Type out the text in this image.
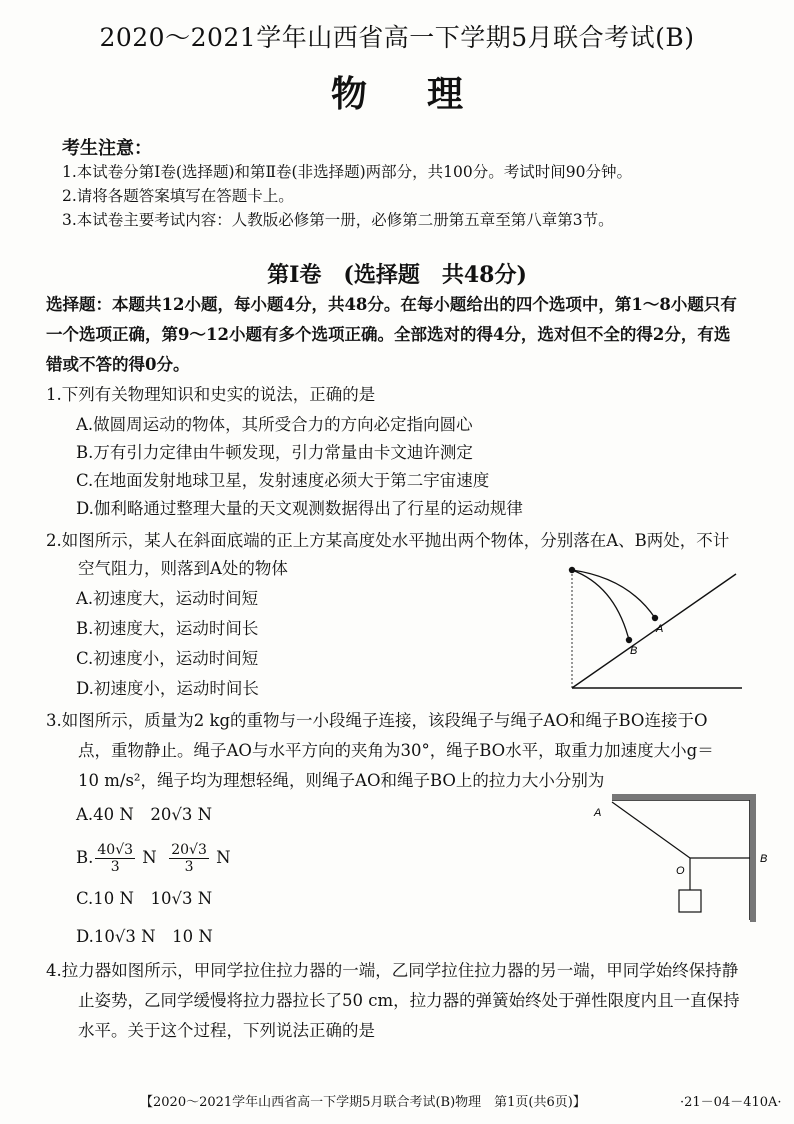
2020～2021学年山西省高一下学期5月联合考试(B)
物理
考生注意：
1.本试卷分第Ⅰ卷(选择题)和第Ⅱ卷(非选择题)两部分，共100分。考试时间90分钟。
2.请将各题答案填写在答题卡上。
3.本试卷主要考试内容：人教版必修第一册，必修第二册第五章至第八章第3节。
第Ⅰ卷　(选择题　共48分)
选择题：本题共12小题，每小题4分，共48分。在每小题给出的四个选项中，第1～8小题只有
一个选项正确，第9～12小题有多个选项正确。全部选对的得4分，选对但不全的得2分，有选
错或不答的得0分。
1.下列有关物理知识和史实的说法，正确的是
A.做圆周运动的物体，其所受合力的方向必定指向圆心
B.万有引力定律由牛顿发现，引力常量由卡文迪许测定
C.在地面发射地球卫星，发射速度必须大于第二宇宙速度
D.伽利略通过整理大量的天文观测数据得出了行星的运动规律
2.如图所示，某人在斜面底端的正上方某高度处水平抛出两个物体，分别落在A、B两处，不计
空气阻力，则落到A处的物体
A.初速度大，运动时间短
B.初速度大，运动时间长
C.初速度小，运动时间短
D.初速度小，运动时间长
A
B
3.如图所示，质量为2 kg的重物与一小段绳子连接，该段绳子与绳子AO和绳子BO连接于O
点，重物静止。绳子AO与水平方向的夹角为30°，绳子BO水平，取重力加速度大小g＝
10 m/s²，绳子均为理想轻绳，则绳子AO和绳子BO上的拉力大小分别为
A.40 N　20√3 N
B. $\frac{40√3}{3}$ N $\frac{20√3}{3}$ N
C.10 N　10√3 N
D.10√3 N　10 N
A
B
O
4.拉力器如图所示，甲同学拉住拉力器的一端，乙同学拉住拉力器的另一端，甲同学始终保持静
止姿势，乙同学缓慢将拉力器拉长了50 cm，拉力器的弹簧始终处于弹性限度内且一直保持
水平。关于这个过程，下列说法正确的是
【2020～2021学年山西省高一下学期5月联合考试(B)物理　第1页(共6页)】	·21－04－410A·
